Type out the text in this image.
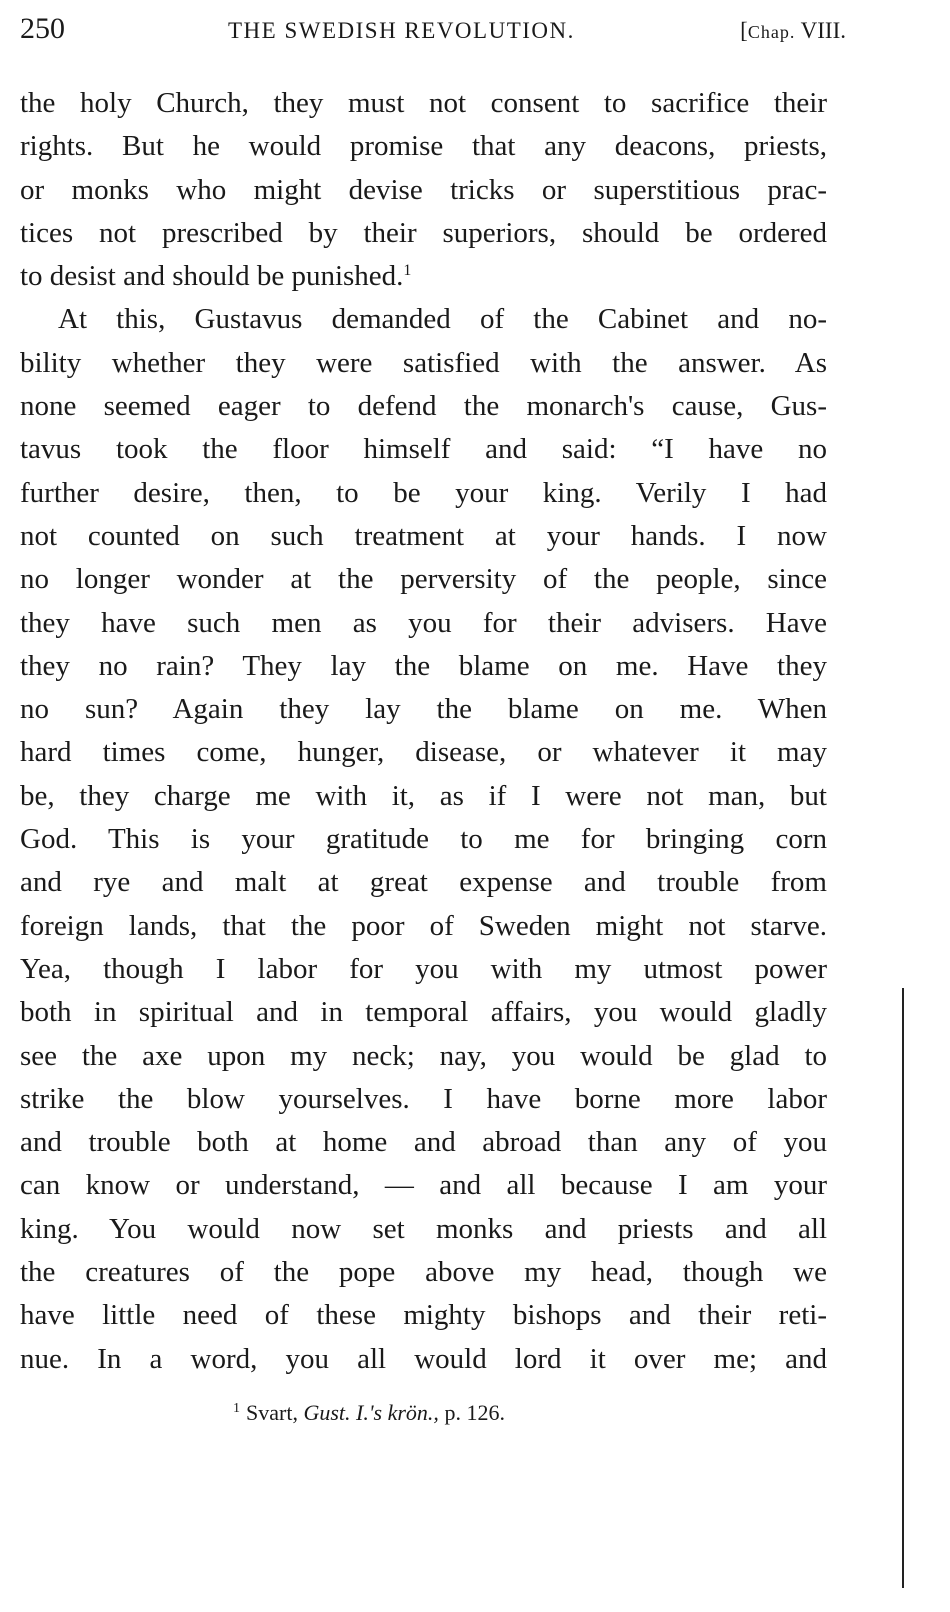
250	THE SWEDISH REVOLUTION.	[Chap. VIII.
the holy Church, they must not consent to sacrifice their
rights. But he would promise that any deacons, priests,
or monks who might devise tricks or superstitious prac-
tices not prescribed by their superiors, should be ordered
to desist and should be punished.$^1$
At this, Gustavus demanded of the Cabinet and no-
bility whether they were satisfied with the answer. As
none seemed eager to defend the monarch's cause, Gus-
tavus took the floor himself and said: “I have no
further desire, then, to be your king. Verily I had
not counted on such treatment at your hands. I now
no longer wonder at the perversity of the people, since
they have such men as you for their advisers. Have
they no rain? They lay the blame on me. Have they
no sun? Again they lay the blame on me. When
hard times come, hunger, disease, or whatever it may
be, they charge me with it, as if I were not man, but
God. This is your gratitude to me for bringing corn
and rye and malt at great expense and trouble from
foreign lands, that the poor of Sweden might not starve.
Yea, though I labor for you with my utmost power
both in spiritual and in temporal affairs, you would gladly
see the axe upon my neck; nay, you would be glad to
strike the blow yourselves. I have borne more labor
and trouble both at home and abroad than any of you
can know or understand, — and all because I am your
king. You would now set monks and priests and all
the creatures of the pope above my head, though we
have little need of these mighty bishops and their reti-
nue. In a word, you all would lord it over me; and
$^1$ Svart, Gust. I.'s krön., p. 126.
